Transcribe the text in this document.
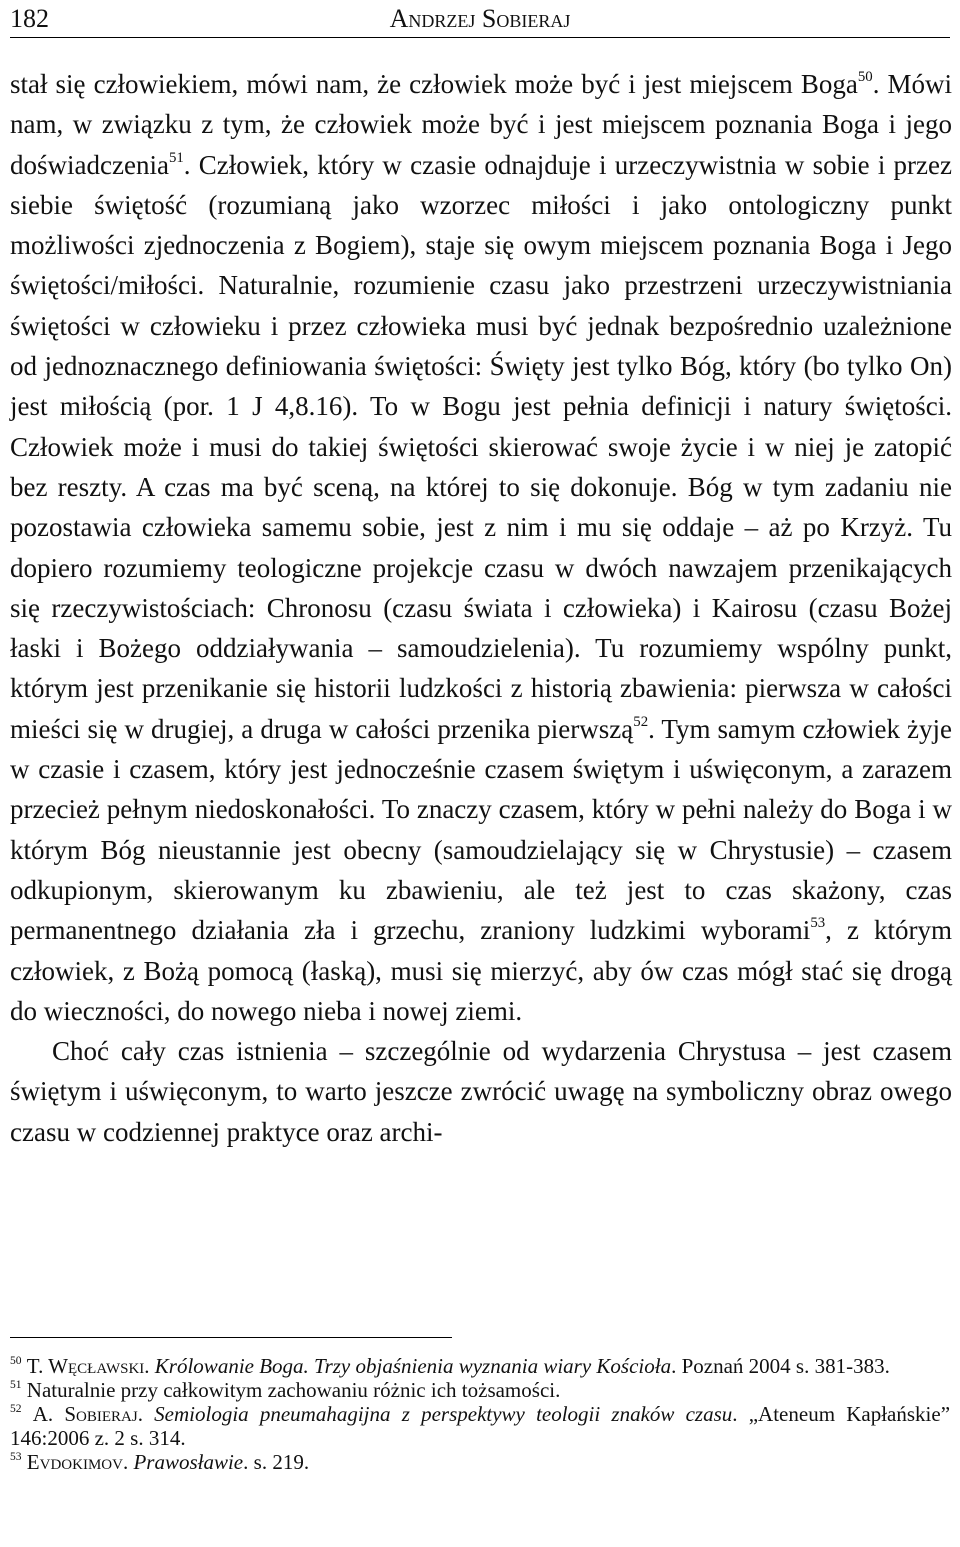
182	Andrzej Sobieraj

stał się człowiekiem, mówi nam, że człowiek może być i jest miejscem Boga$^{50}$. Mówi nam, w związku z tym, że człowiek może być i jest miejscem poznania Boga i jego doświadczenia$^{51}$. Człowiek, który w czasie odnajduje i urzeczywistnia w sobie i przez siebie świętość (rozumianą jako wzorzec miłości i jako ontologiczny punkt możliwości zjednoczenia z Bogiem), staje się owym miejscem poznania Boga i Jego świętości/miłości. Naturalnie, rozumienie czasu jako przestrzeni urzeczywistniania świętości w człowieku i przez człowieka musi być jednak bezpośrednio uzależnione od jednoznacznego definiowania świętości: Święty jest tylko Bóg, który (bo tylko On) jest miłością (por. 1 J 4,8.16). To w Bogu jest pełnia definicji i natury świętości. Człowiek może i musi do takiej świętości skierować swoje życie i w niej je zatopić bez reszty. A czas ma być sceną, na której to się dokonuje. Bóg w tym zadaniu nie pozostawia człowieka samemu sobie, jest z nim i mu się oddaje – aż po Krzyż. Tu dopiero rozumiemy teologiczne projekcje czasu w dwóch nawzajem przenikających się rzeczywistościach: Chronosu (czasu świata i człowieka) i Kairosu (czasu Bożej łaski i Bożego oddziaływania – samoudzielenia). Tu rozumiemy wspólny punkt, którym jest przenikanie się historii ludzkości z historią zbawienia: pierwsza w całości mieści się w drugiej, a druga w całości przenika pierwszą$^{52}$. Tym samym człowiek żyje w czasie i czasem, który jest jednocześnie czasem świętym i uświęconym, a zarazem przecież pełnym niedoskonałości. To znaczy czasem, który w pełni należy do Boga i w którym Bóg nieustannie jest obecny (samoudzielający się w Chrystusie) – czasem odkupionym, skierowanym ku zbawieniu, ale też jest to czas skażony, czas permanentnego działania zła i grzechu, zraniony ludzkimi wyborami$^{53}$, z którym człowiek, z Bożą pomocą (łaską), musi się mierzyć, aby ów czas mógł stać się drogą do wieczności, do nowego nieba i nowej ziemi.

Choć cały czas istnienia – szczególnie od wydarzenia Chrystusa – jest czasem świętym i uświęconym, to warto jeszcze zwrócić uwagę na symboliczny obraz owego czasu w codziennej praktyce oraz archi-

$^{50}$ T. Węcławski. Królowanie Boga. Trzy objaśnienia wyznania wiary Kościoła. Poznań 2004 s. 381-383.

$^{51}$ Naturalnie przy całkowitym zachowaniu różnic ich tożsamości.

$^{52}$ A. Sobieraj. Semiologia pneumahagijna z perspektywy teologii znaków czasu. „Ateneum Kapłańskie” 146:2006 z. 2 s. 314.

$^{53}$ Evdokimov. Prawosławie. s. 219.
